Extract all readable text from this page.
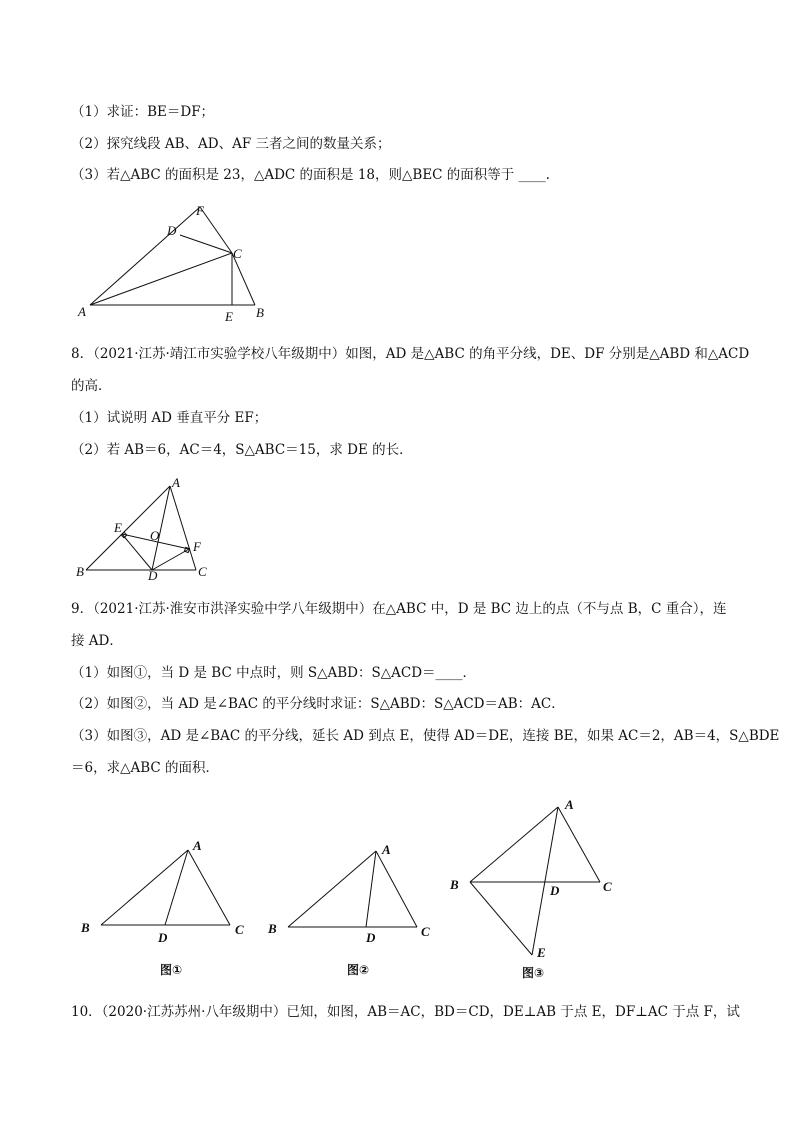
（1）求证：BE＝DF；
（2）探究线段 AB、AD、AF 三者之间的数量关系；
（3）若△ABC 的面积是 23，△ADC 的面积是 18，则△BEC 的面积等于 ____.
F
D
C
A	E B
8．（2021·江苏·靖江市实验学校八年级期中）如图，AD 是△ABC 的角平分线，DE、DF 分别是△ABD 和△ACD
的高．
（1）试说明 AD 垂直平分 EF；
（2）若 AB＝6，AC＝4，S△ABC＝15，求 DE 的长．
A
E
O
F
B	D	C
9．（2021·江苏·淮安市洪泽实验中学八年级期中）在△ABC 中，D 是 BC 边上的点（不与点 B，C 重合），连
接 AD．
（1）如图①，当 D 是 BC 中点时，则 S△ABD：S△ACD＝____．
（2）如图②，当 AD 是∠BAC 的平分线时求证：S△ABD：S△ACD＝AB：AC．
（3）如图③，AD 是∠BAC 的平分线，延长 AD 到点 E，使得 AD＝DE，连接 BE，如果 AC＝2，AB＝4，S△BDE
＝6，求△ABC 的面积．
A
B
D
C
图①
A
B
D	C
图②
A
B	D	C
E
图③
10．（2020·江苏苏州·八年级期中）已知，如图，AB＝AC，BD＝CD，DE⊥AB 于点 E，DF⊥AC 于点 F，试
